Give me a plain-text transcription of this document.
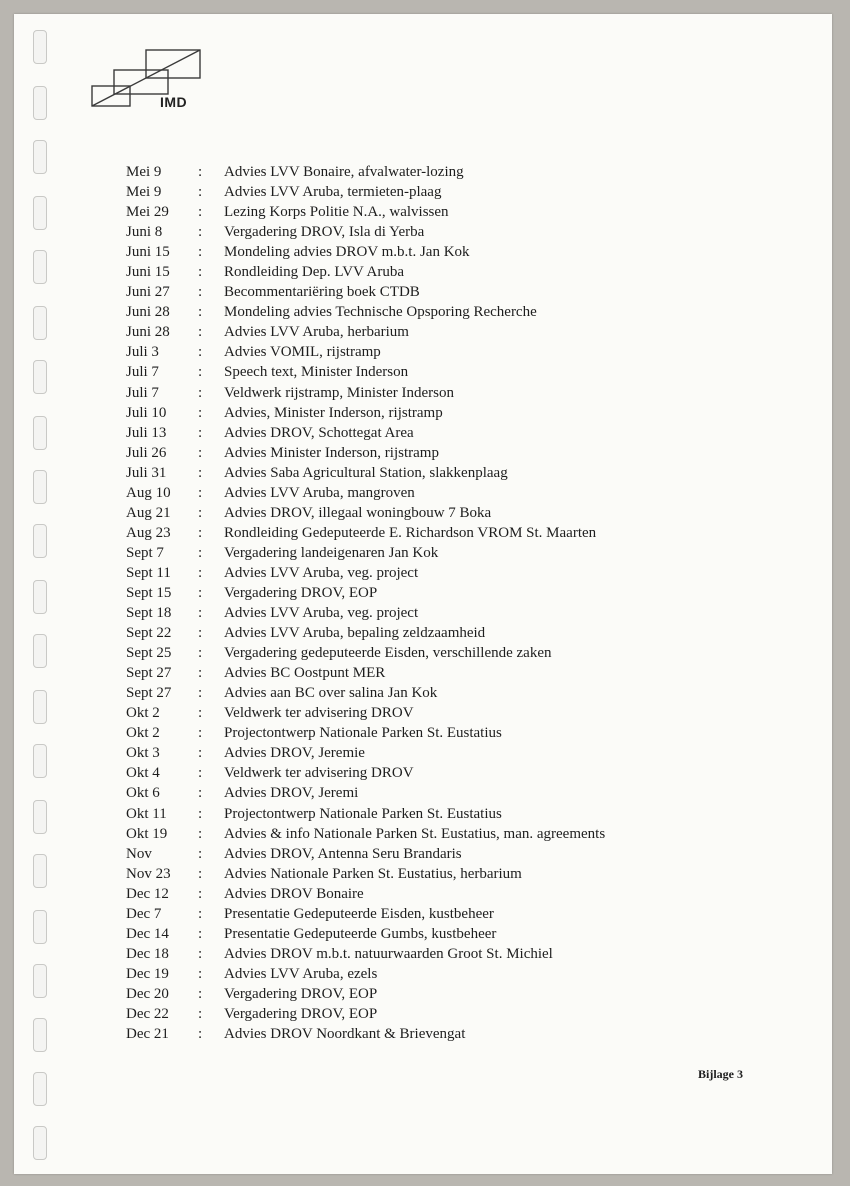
IMD
Mei 9 : Advies LVV Bonaire, afvalwater-lozing
Mei 9 : Advies LVV Aruba, termieten-plaag
Mei 29 : Lezing Korps Politie N.A., walvissen
Juni 8 : Vergadering DROV, Isla di Yerba
Juni 15 : Mondeling advies DROV m.b.t. Jan Kok
Juni 15 : Rondleiding Dep. LVV Aruba
Juni 27 : Becommentariëring boek CTDB
Juni 28 : Mondeling advies Technische Opsporing Recherche
Juni 28 : Advies LVV Aruba, herbarium
Juli 3	: Advies VOMIL, rijstramp
Juli 7	: Speech text, Minister Inderson
Juli 7	: Veldwerk rijstramp, Minister Inderson
Juli 10 : Advies, Minister Inderson, rijstramp
Juli 13 : Advies DROV, Schottegat Area
Juli 26 : Advies Minister Inderson, rijstramp
Juli 31 : Advies Saba Agricultural Station, slakkenplaag
Aug 10 : Advies LVV Aruba, mangroven
Aug 21 : Advies DROV, illegaal woningbouw 7 Boka
Aug 23 : Rondleiding Gedeputeerde E. Richardson VROM St. Maarten
Sept 7 : Vergadering landeigenaren Jan Kok
Sept 11 : Advies LVV Aruba, veg. project
Sept 15 : Vergadering DROV, EOP
Sept 18 : Advies LVV Aruba, veg. project
Sept 22 : Advies LVV Aruba, bepaling zeldzaamheid
Sept 25 : Vergadering gedeputeerde Eisden, verschillende zaken
Sept 27 : Advies BC Oostpunt MER
Sept 27 : Advies aan BC over salina Jan Kok
Okt 2	: Veldwerk ter advisering DROV
Okt 2	: Projectontwerp Nationale Parken St. Eustatius
Okt 3	: Advies DROV, Jeremie
Okt 4	: Veldwerk ter advisering DROV
Okt 6	: Advies DROV, Jeremi
Okt 11 : Projectontwerp Nationale Parken St. Eustatius
Okt 19 : Advies & info Nationale Parken St. Eustatius, man. agreements
Nov	: Advies DROV, Antenna Seru Brandaris
Nov 23 : Advies Nationale Parken St. Eustatius, herbarium
Dec 12 : Advies DROV Bonaire
Dec 7 : Presentatie Gedeputeerde Eisden, kustbeheer
Dec 14 : Presentatie Gedeputeerde Gumbs, kustbeheer
Dec 18 : Advies DROV m.b.t. natuurwaarden Groot St. Michiel
Dec 19 : Advies LVV Aruba, ezels
Dec 20 : Vergadering DROV, EOP
Dec 22 : Vergadering DROV, EOP
Dec 21 : Advies DROV Noordkant & Brievengat
Bijlage 3
